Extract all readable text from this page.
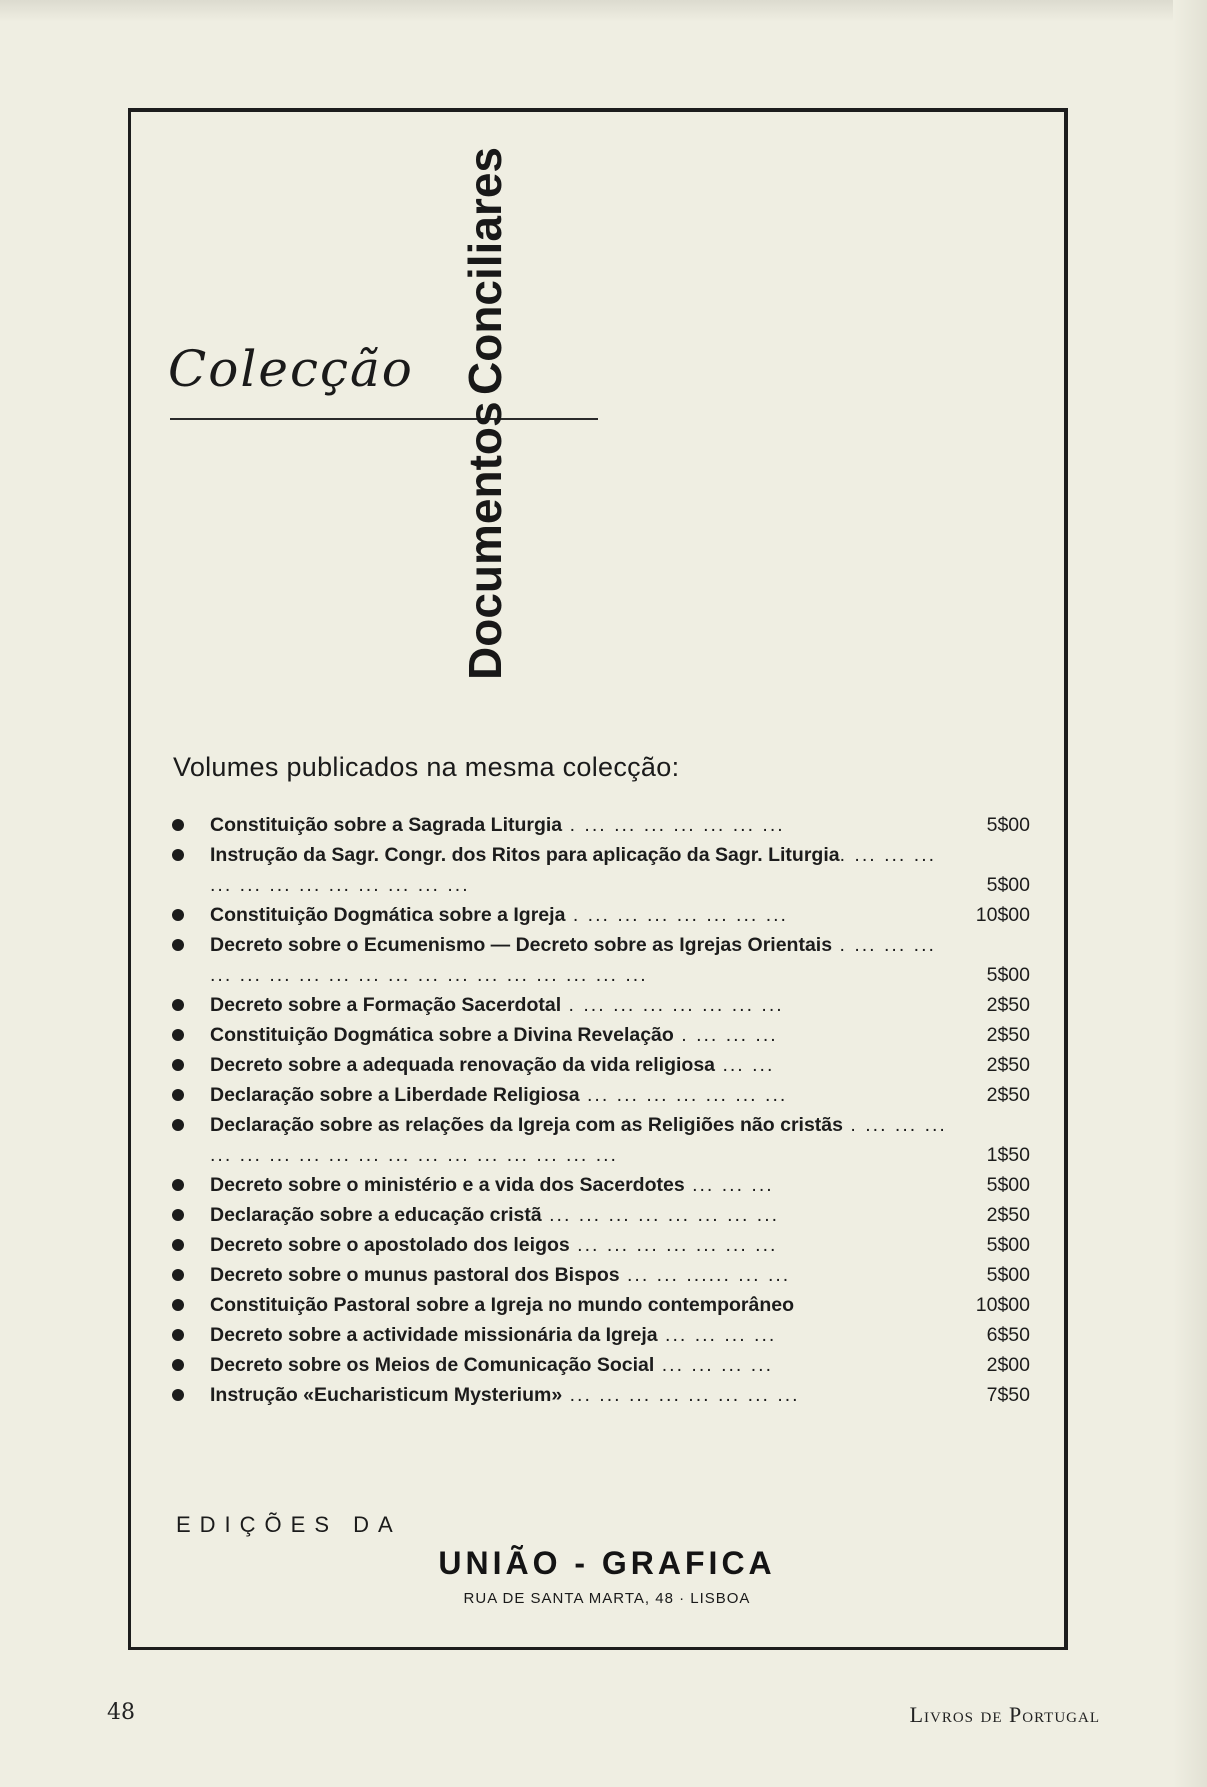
Colecção Conciliares
Documentos
Volumes publicados na mesma colecção:
Constituição sobre a Sagrada Liturgia . ... ... ... ... ... ... ...	5$00
Instrução da Sagr. Congr. dos Ritos para aplicação da Sagr. Liturgia. ... ... ... ... ... ... ... ... ... ... ... ...	5$00
Constituição Dogmática sobre a Igreja . ... ... ... ... ... ... ...	10$00
Decreto sobre o Ecumenismo — Decreto sobre as Igrejas Orientais . ... ... ... ... ... ... ... ... ... ... ... ... ... ... ... ... ... ...	5$00
Decreto sobre a Formação Sacerdotal . ... ... ... ... ... ... ...	2$50
Constituição Dogmática sobre a Divina Revelação . ... ... ...	2$50
Decreto sobre a adequada renovação da vida religiosa ... ...	2$50
Declaração sobre a Liberdade Religiosa ... ... ... ... ... ... ...	2$50
Declaração sobre as relações da Igreja com as Religiões não cristãs . ... ... ... ... ... ... ... ... ... ... ... ... ... ... ... ... ...	1$50
Decreto sobre o ministério e a vida dos Sacerdotes ... ... ...	5$00
Declaração sobre a educação cristã ... ... ... ... ... ... ... ...	2$50
Decreto sobre o apostolado dos leigos ... ... ... ... ... ... ...	5$00
Decreto sobre o munus pastoral dos Bispos ... ... ...... ... ...	5$00
Constituição Pastoral sobre a Igreja no mundo contemporâneo	10$00
Decreto sobre a actividade missionária da Igreja ... ... ... ...	6$50
Decreto sobre os Meios de Comunicação Social ... ... ... ...	2$00
Instrução «Eucharisticum Mysterium» ... ... ... ... ... ... ... ...	7$50
EDIÇÕES DA
UNIÃO - GRAFICA
RUA DE SANTA MARTA, 48 · LISBOA
48	Livros de Portugal
